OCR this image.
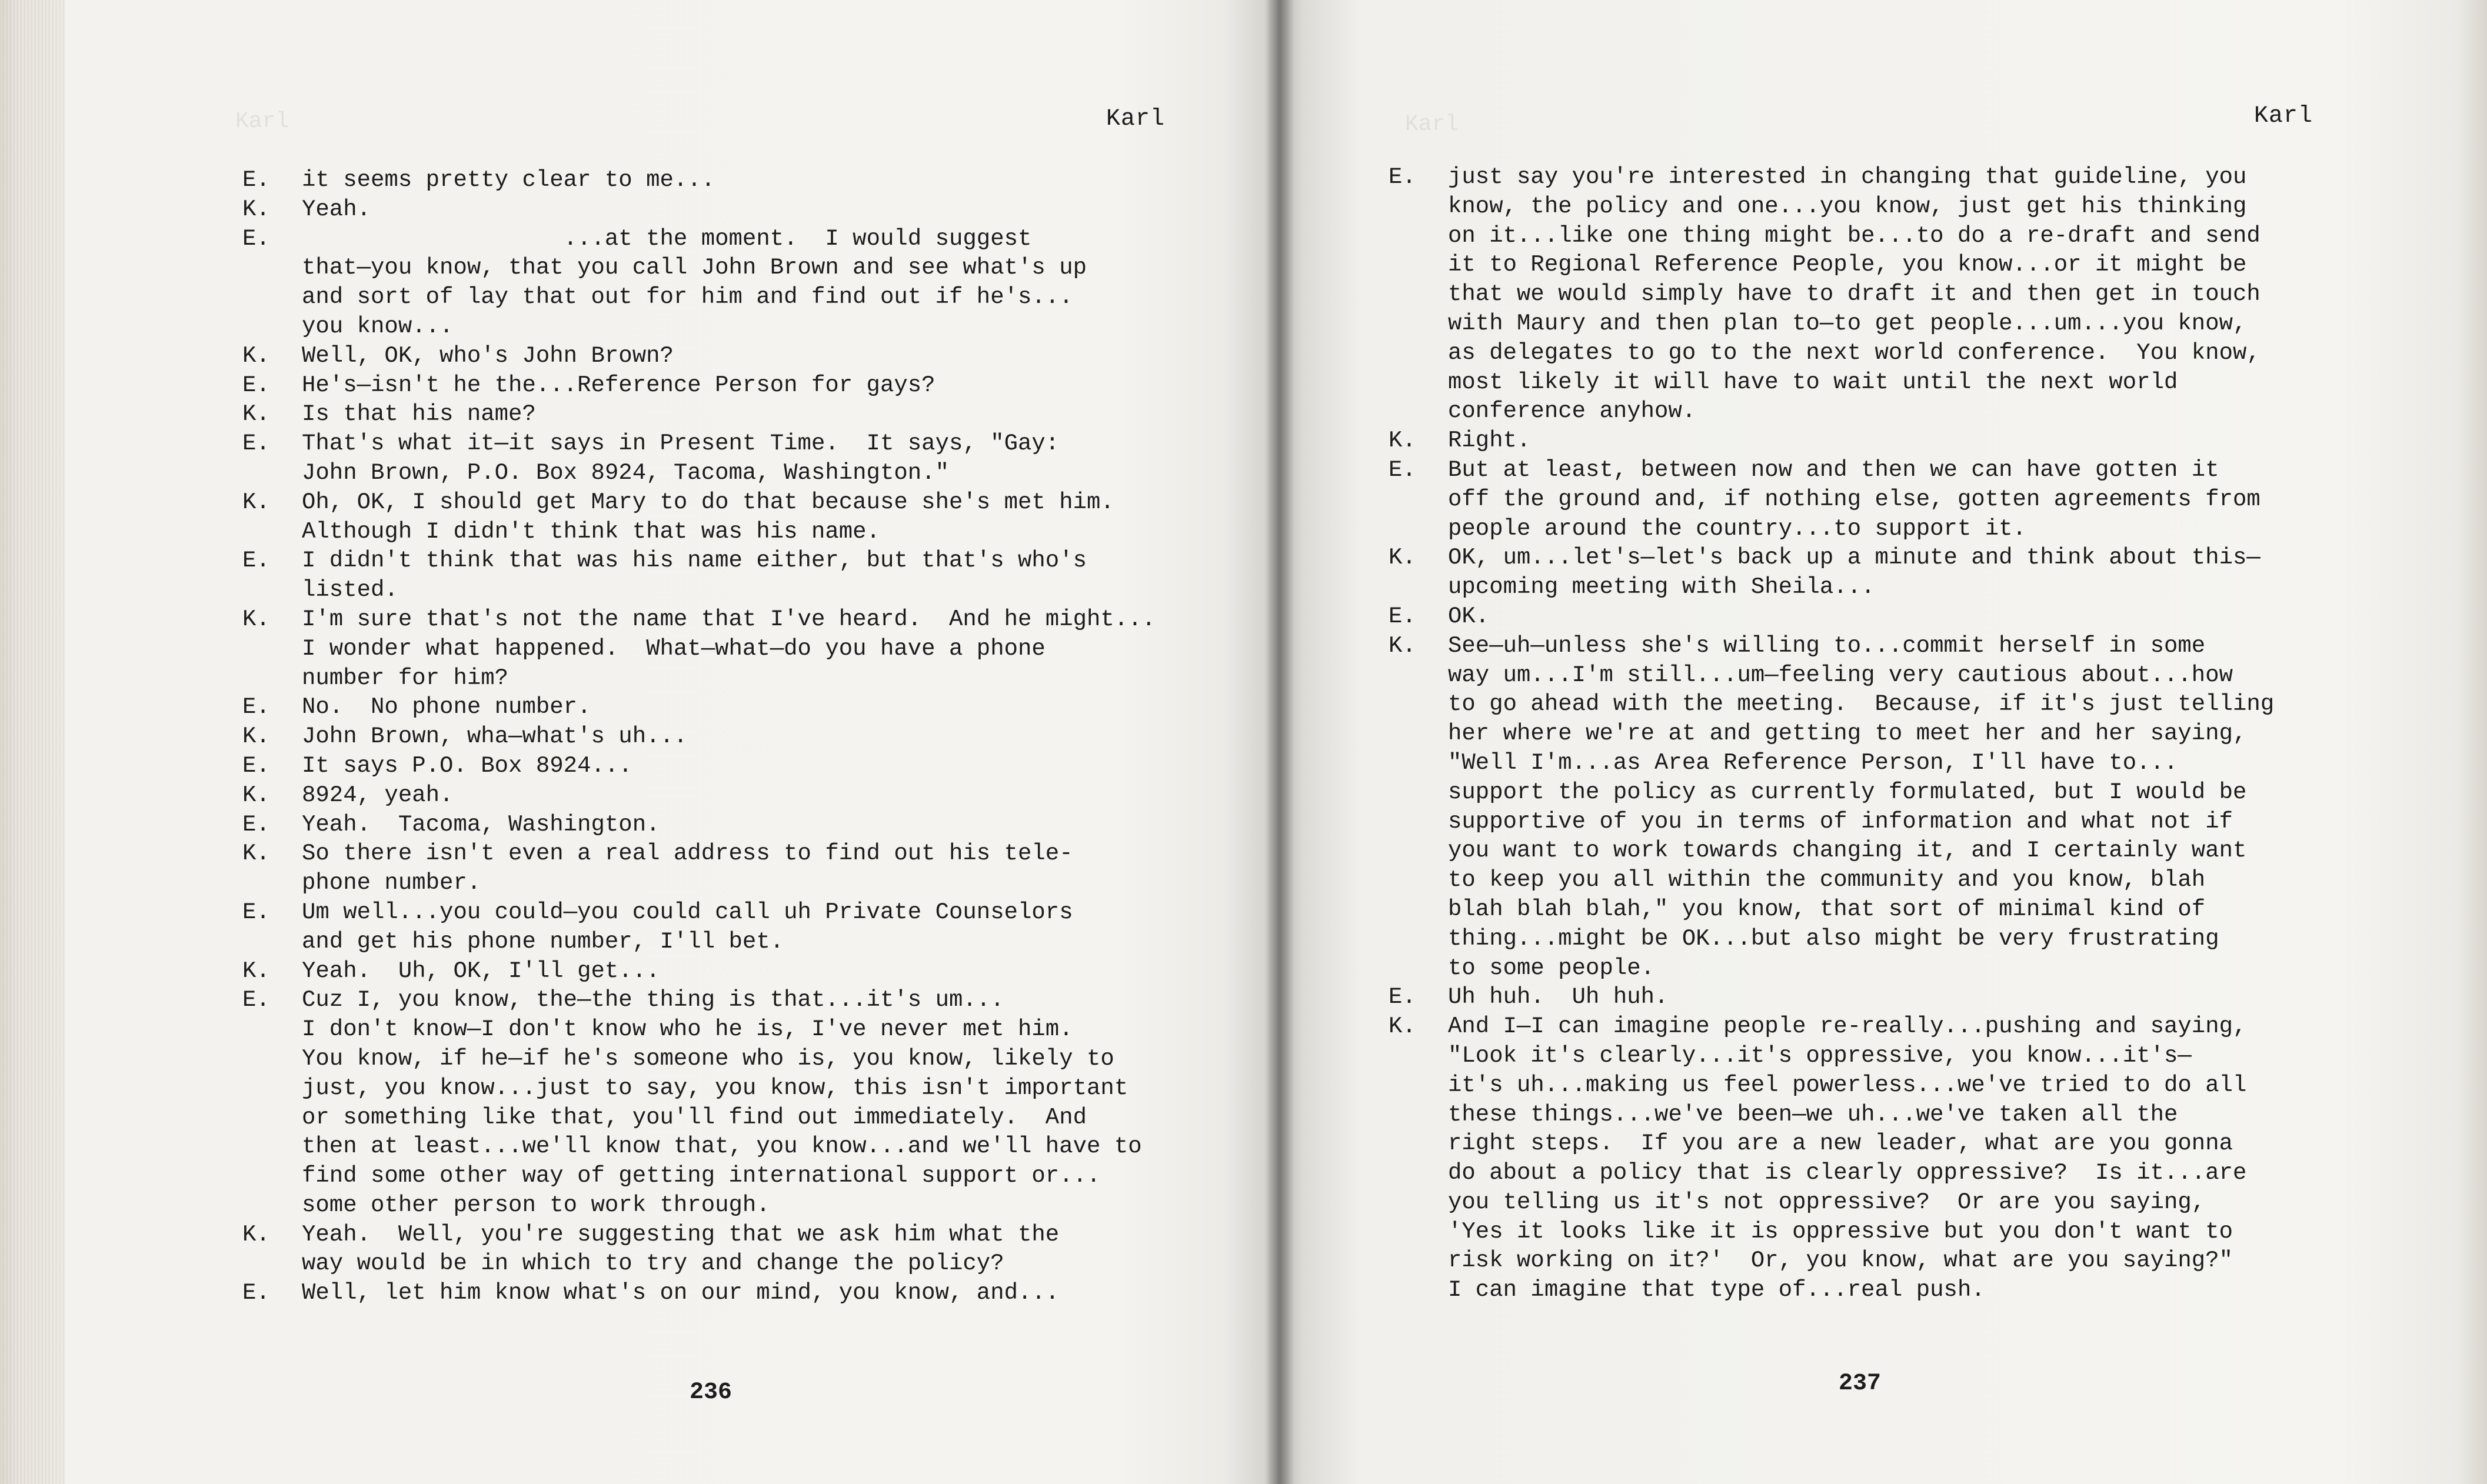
Karl	Karl
E.	it seems pretty clear to me...
K.	Yeah.
E.	...at the moment.  I would suggest
that—you know, that you call John Brown and see what's up
and sort of lay that out for him and find out if he's...
you know...
K.	Well, OK, who's John Brown?
E.	He's—isn't he the...Reference Person for gays?
K.	Is that his name?
E.	That's what it—it says in Present Time.  It says, "Gay:
John Brown, P.O. Box 8924, Tacoma, Washington."
K.	Oh, OK, I should get Mary to do that because she's met him.
Although I didn't think that was his name.
E.	I didn't think that was his name either, but that's who's
listed.
K.	I'm sure that's not the name that I've heard.  And he might...
I wonder what happened.  What—what—do you have a phone
number for him?
E.	No.  No phone number.
K.	John Brown, wha—what's uh...
E.	It says P.O. Box 8924...
K.	8924, yeah.
E.	Yeah.  Tacoma, Washington.
K.	So there isn't even a real address to find out his tele-
phone number.
E.	Um well...you could—you could call uh Private Counselors
and get his phone number, I'll bet.
K.	Yeah.  Uh, OK, I'll get...
E.	Cuz I, you know, the—the thing is that...it's um...
I don't know—I don't know who he is, I've never met him.
You know, if he—if he's someone who is, you know, likely to
just, you know...just to say, you know, this isn't important
or something like that, you'll find out immediately.  And
then at least...we'll know that, you know...and we'll have to
find some other way of getting international support or...
some other person to work through.
K.	Yeah.  Well, you're suggesting that we ask him what the
way would be in which to try and change the policy?
E.	Well, let him know what's on our mind, you know, and...
236
Karl	Karl
E.	just say you're interested in changing that guideline, you
know, the policy and one...you know, just get his thinking
on it...like one thing might be...to do a re-draft and send
it to Regional Reference People, you know...or it might be
that we would simply have to draft it and then get in touch
with Maury and then plan to—to get people...um...you know,
as delegates to go to the next world conference.  You know,
most likely it will have to wait until the next world
conference anyhow.
K.	Right.
E.	But at least, between now and then we can have gotten it
off the ground and, if nothing else, gotten agreements from
people around the country...to support it.
K.	OK, um...let's—let's back up a minute and think about this—
upcoming meeting with Sheila...
E.	OK.
K.	See—uh—unless she's willing to...commit herself in some
way um...I'm still...um—feeling very cautious about...how
to go ahead with the meeting.  Because, if it's just telling
her where we're at and getting to meet her and her saying,
"Well I'm...as Area Reference Person, I'll have to...
support the policy as currently formulated, but I would be
supportive of you in terms of information and what not if
you want to work towards changing it, and I certainly want
to keep you all within the community and you know, blah
blah blah blah," you know, that sort of minimal kind of
thing...might be OK...but also might be very frustrating
to some people.
E.	Uh huh.  Uh huh.
K.	And I—I can imagine people re-really...pushing and saying,
"Look it's clearly...it's oppressive, you know...it's—
it's uh...making us feel powerless...we've tried to do all
these things...we've been—we uh...we've taken all the
right steps.  If you are a new leader, what are you gonna
do about a policy that is clearly oppressive?  Is it...are
you telling us it's not oppressive?  Or are you saying,
'Yes it looks like it is oppressive but you don't want to
risk working on it?'  Or, you know, what are you saying?"
I can imagine that type of...real push.
237
